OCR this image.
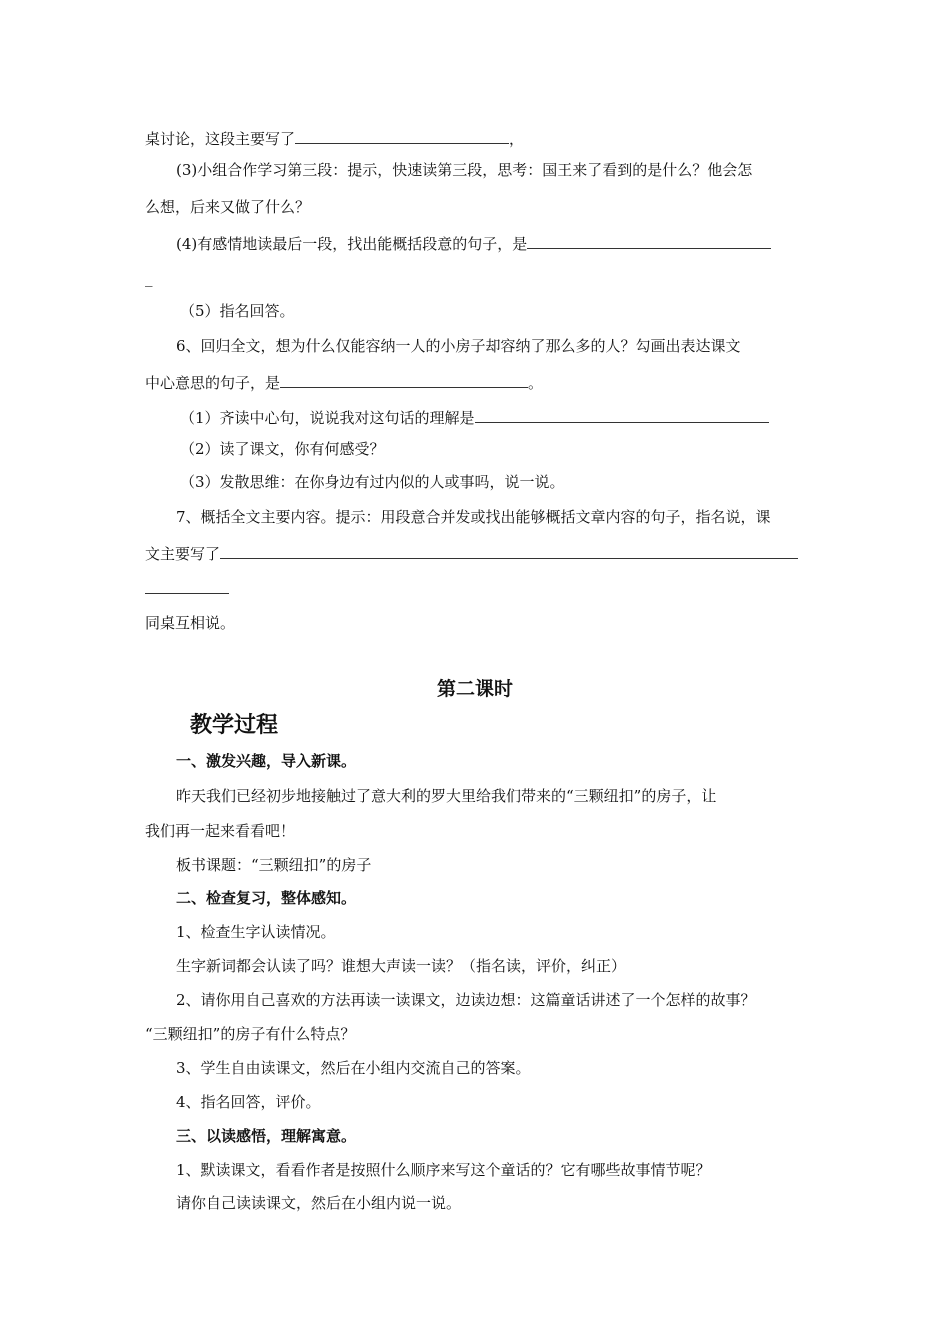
桌讨论，这段主要写了	，
(3)小组合作学习第三段：提示，快速读第三段，思考：国王来了看到的是什么？他会怎
么想，后来又做了什么？
(4)有感情地读最后一段，找出能概括段意的句子，是
_
（5）指名回答。
6、回归全文，想为什么仅能容纳一人的小房子却容纳了那么多的人？勾画出表达课文
中心意思的句子，是	。
（1）齐读中心句，说说我对这句话的理解是
（2）读了课文，你有何感受？
（3）发散思维：在你身边有过内似的人或事吗，说一说。
7、概括全文主要内容。提示：用段意合并发或找出能够概括文章内容的句子，指名说，课
文主要写了
同桌互相说。
第二课时
教学过程
一、激发兴趣，导入新课。
昨天我们已经初步地接触过了意大利的罗大里给我们带来的“三颗纽扣”的房子，让
我们再一起来看看吧！
板书课题：“三颗纽扣”的房子
二、检查复习，整体感知。
1、检查生字认读情况。
生字新词都会认读了吗？谁想大声读一读？（指名读，评价，纠正）
2、请你用自己喜欢的方法再读一读课文，边读边想：这篇童话讲述了一个怎样的故事？
“三颗纽扣”的房子有什么特点？
3、学生自由读课文，然后在小组内交流自己的答案。
4、指名回答，评价。
三、以读感悟，理解寓意。
1、默读课文，看看作者是按照什么顺序来写这个童话的？它有哪些故事情节呢？
请你自己读读课文，然后在小组内说一说。
